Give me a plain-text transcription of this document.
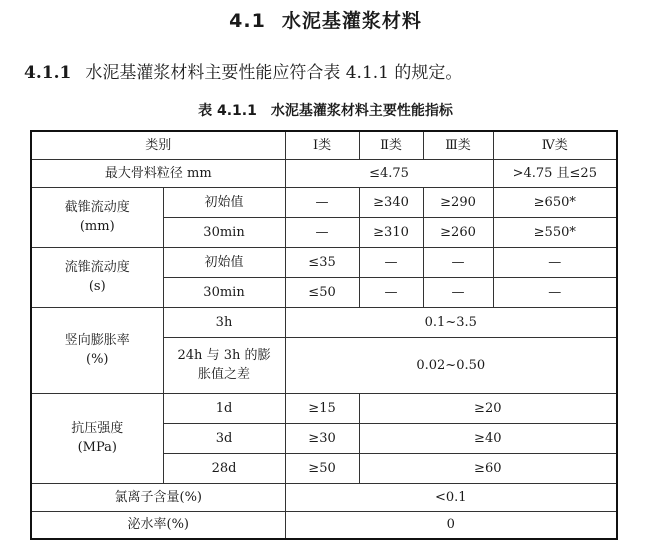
4.1 水泥基灌浆材料
4.1.1 水泥基灌浆材料主要性能应符合表 4.1.1 的规定。
表 4.1.1 水泥基灌浆材料主要性能指标
类别		Ⅰ类	Ⅱ类	Ⅲ类	Ⅳ类
最大骨料粒径 mm		≤4.75			>4.75 且≤25
截锥流动度
(mm)	初始值	—	≥340	≥290	≥650*
	30min	—	≥310	≥260	≥550*
流锥流动度
(s)	初始值	≤35	—	—	—
	30min	≤50	—	—	—
竖向膨胀率
(%)	3h	0.1~3.5			
	24h 与 3h 的膨
胀值之差	0.02~0.50			
抗压强度
(MPa)	1d	≥15	≥20		
	3d	≥30	≥40		
	28d	≥50	≥60		
氯离子含量(%)		<0.1			
泌水率(%)		0			
